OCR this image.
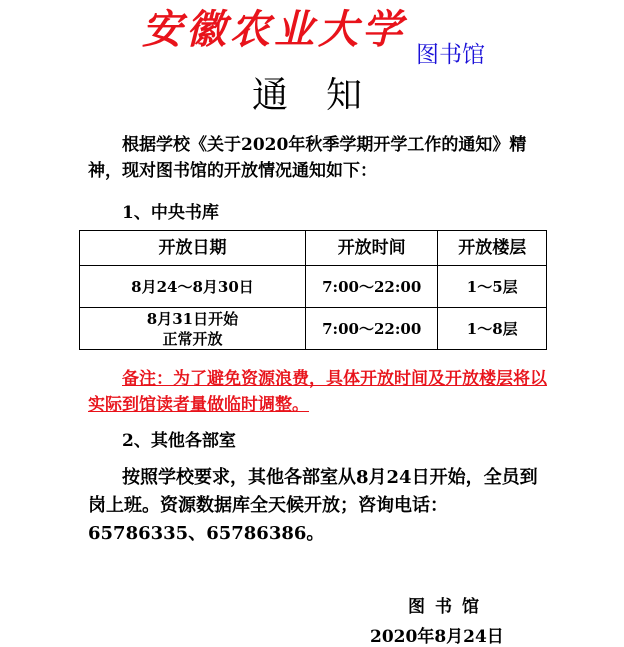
安徽农业大学
图书馆
通知
根据学校《关于2020年秋季学期开学工作的通知》精神，现对图书馆的开放情况通知如下：
1、中央书库
开放日期	开放时间	开放楼层
8月24～8月30日	7:00～22:00	1～5层
8月31日开始
正常开放	7:00～22:00	1～8层
备注：为了避免资源浪费，具体开放时间及开放楼层将以实际到馆读者量做临时调整。
2、其他各部室
按照学校要求，其他各部室从8月24日开始，全员到岗上班。资源数据库全天候开放；咨询电话：65786335、65786386。
图书馆
2020年8月24日
